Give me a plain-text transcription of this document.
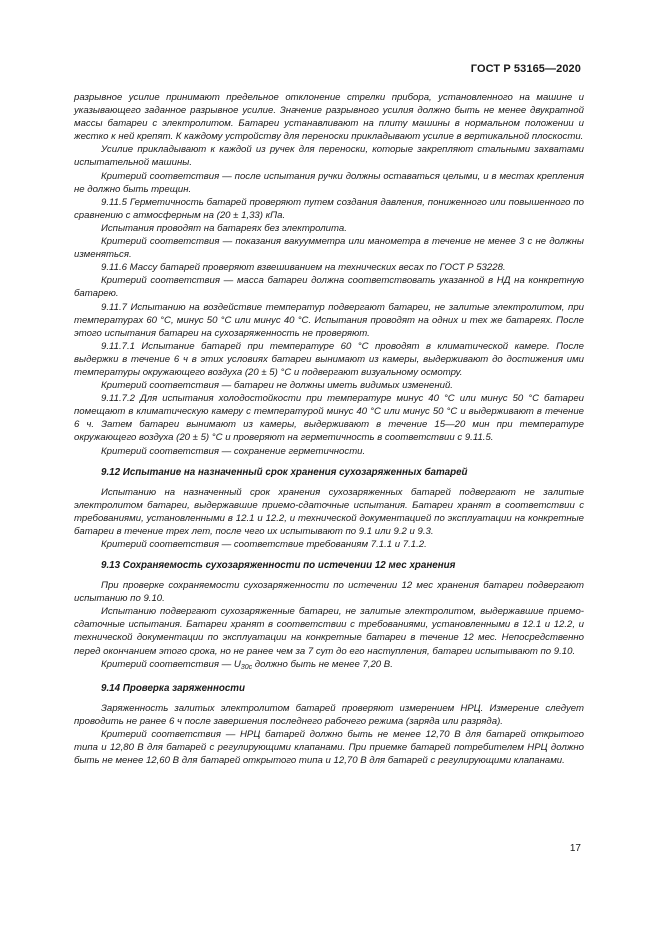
ГОСТ Р 53165—2020

разрывное усилие принимают предельное отклонение стрелки прибора, установленного на машине и указывающего заданное разрывное усилие. Значение разрывного усилия должно быть не менее двукратной массы батареи с электролитом. Батареи устанавливают на плиту машины в нормальном положении и жестко к ней крепят. К каждому устройству для переноски прикладывают усилие в вертикальной плоскости.

Усилие прикладывают к каждой из ручек для переноски, которые закрепляют стальными захватами испытательной машины.

Критерий соответствия — после испытания ручки должны оставаться целыми, и в местах крепления не должно быть трещин.

9.11.5 Герметичность батарей проверяют путем создания давления, пониженного или повышенного по сравнению с атмосферным на (20 ± 1,33) кПа.

Испытания проводят на батареях без электролита.

Критерий соответствия — показания вакуумметра или манометра в течение не менее 3 с не должны изменяться.

9.11.6 Массу батарей проверяют взвешиванием на технических весах по ГОСТ Р 53228.

Критерий соответствия — масса батареи должна соответствовать указанной в НД на конкретную батарею.

9.11.7 Испытанию на воздействие температур подвергают батареи, не залитые электролитом, при температурах 60 °С, минус 50 °С или минус 40 °С. Испытания проводят на одних и тех же батареях. После этого испытания батареи на сухозаряженность не проверяют.

9.11.7.1 Испытание батарей при температуре 60 °С проводят в климатической камере. После выдержки в течение 6 ч в этих условиях батареи вынимают из камеры, выдерживают до достижения ими температуры окружающего воздуха (20 ± 5) °С и подвергают визуальному осмотру.

Критерий соответствия — батареи не должны иметь видимых изменений.

9.11.7.2 Для испытания холодостойкости при температуре минус 40 °С или минус 50 °С батареи помещают в климатическую камеру с температурой минус 40 °С или минус 50 °С и выдерживают в течение 6 ч. Затем батареи вынимают из камеры, выдерживают в течение 15—20 мин при температуре окружающего воздуха (20 ± 5) °С и проверяют на герметичность в соответствии с 9.11.5.

Критерий соответствия — сохранение герметичности.

9.12 Испытание на назначенный срок хранения сухозаряженных батарей

Испытанию на назначенный срок хранения сухозаряженных батарей подвергают не залитые электролитом батареи, выдержавшие приемо-сдаточные испытания. Батареи хранят в соответствии с требованиями, установленными в 12.1 и 12.2, и технической документацией по эксплуатации на конкретные батареи в течение трех лет, после чего их испытывают по 9.1 или 9.2 и 9.3.

Критерий соответствия — соответствие требованиям 7.1.1 и 7.1.2.

9.13 Сохраняемость сухозаряженности по истечении 12 мес хранения

При проверке сохраняемости сухозаряженности по истечении 12 мес хранения батареи подвергают испытанию по 9.10.

Испытанию подвергают сухозаряженные батареи, не залитые электролитом, выдержавшие приемо-сдаточные испытания. Батареи хранят в соответствии с требованиями, установленными в 12.1 и 12.2, и технической документации по эксплуатации на конкретные батареи в течение 12 мес. Непосредственно перед окончанием этого срока, но не ранее чем за 7 сут до его наступления, батареи испытывают по 9.10.

Критерий соответствия — $U_{30с}$ должно быть не менее 7,20 В.

9.14 Проверка заряженности

Заряженность залитых электролитом батарей проверяют измерением НРЦ. Измерение следует проводить не ранее 6 ч после завершения последнего рабочего режима (заряда или разряда).

Критерий соответствия — НРЦ батарей должно быть не менее 12,70 В для батарей открытого типа и 12,80 В для батарей с регулирующими клапанами. При приемке батарей потребителем НРЦ должно быть не менее 12,60 В для батарей открытого типа и 12,70 В для батарей с регулирующими клапанами.

17
